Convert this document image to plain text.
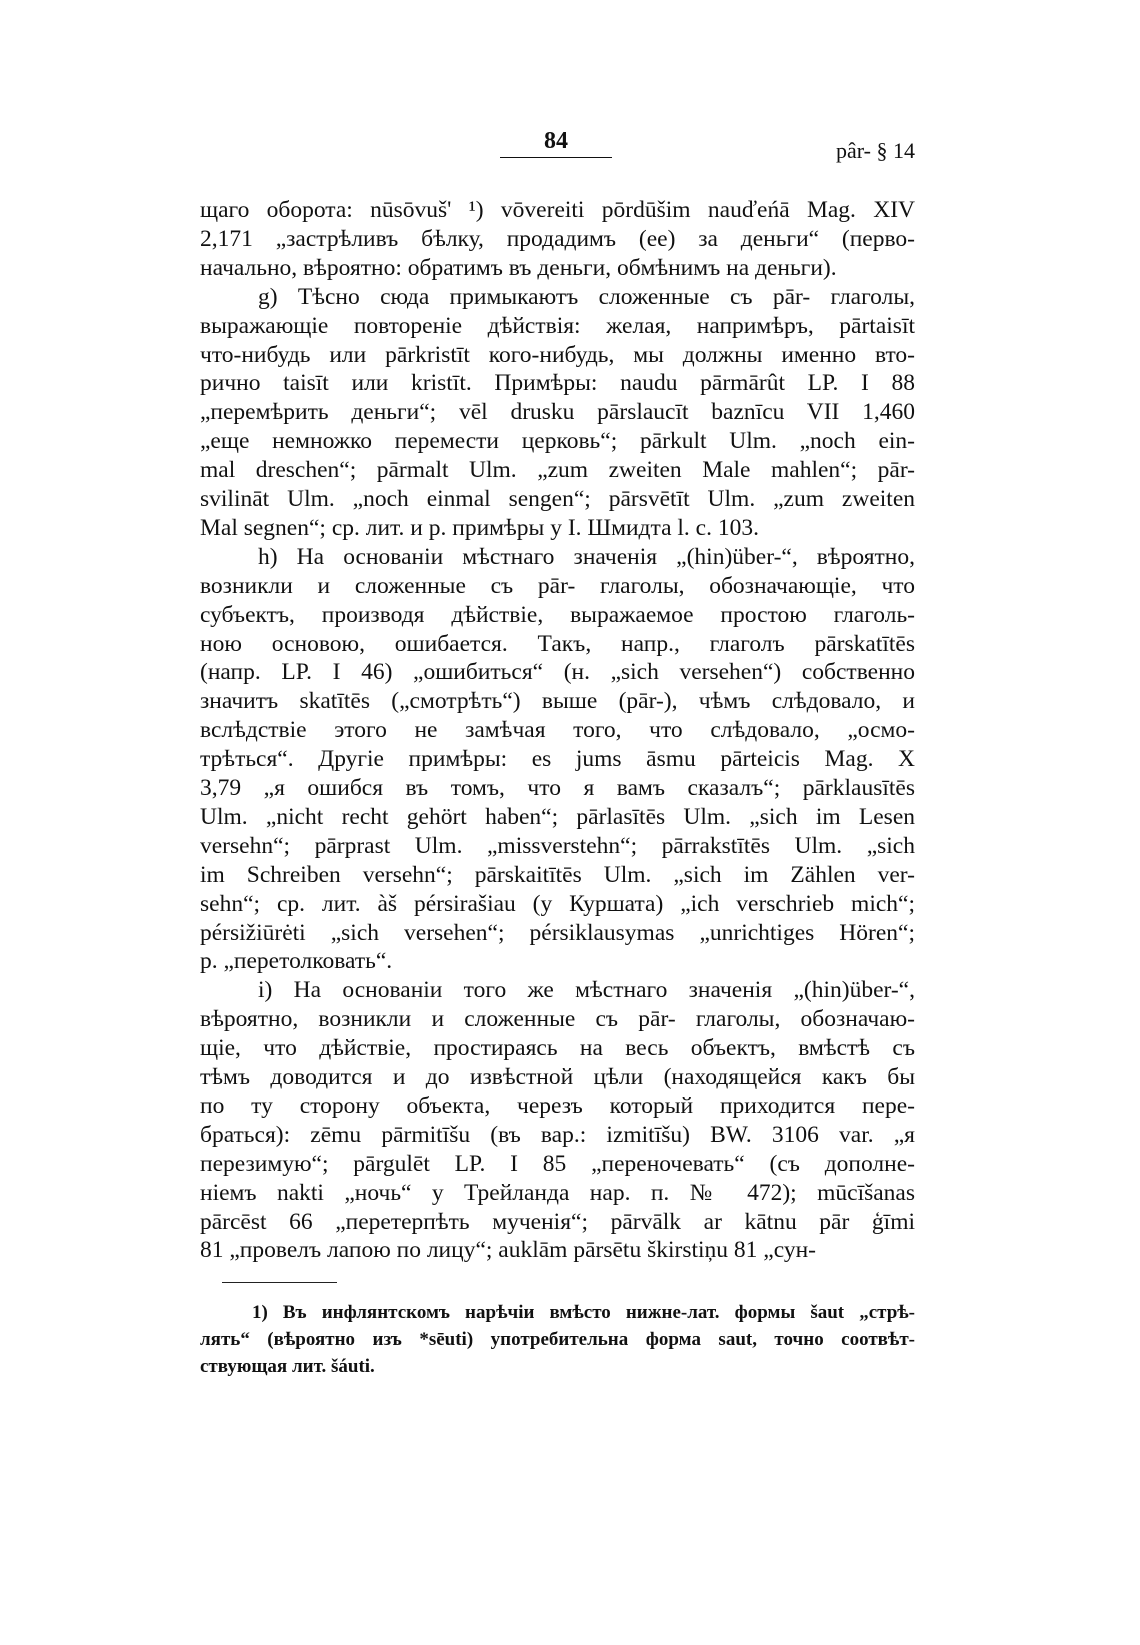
84	pâr- § 14
щаго оборота: nūsōvuš' ¹) vōvereiti pōrdūšim nauďeńā Mag. XIV
2,171 „застрѣливъ бѣлку, продадимъ (ее) за деньги“ (перво-
начально, вѣроятно: обратимъ въ деньги, обмѣнимъ на деньги).
g) Тѣсно сюда примыкаютъ сложенные съ pār- глаголы,
выражающіе повтореніе дѣйствія: желая, напримѣръ, pārtaisīt
что-нибудь или pārkristīt кого-нибудь, мы должны именно вто-
рично taisīt или kristīt. Примѣры: naudu pārmārût LP. I 88
„перемѣрить деньги“; vēl drusku pārslaucīt baznīcu VII 1,460
„еще немножко перемести церковь“; pārkult Ulm. „noch ein-
mal dreschen“; pārmalt Ulm. „zum zweiten Male mahlen“; pār-
svilināt Ulm. „noch einmal sengen“; pārsvētīt Ulm. „zum zweiten
Mal segnen“; ср. лит. и р. примѣры у I. Шмидта l. c. 103.
h) На основаніи мѣстнаго значенія „(hin)über-“, вѣроятно,
возникли и сложенные съ pār- глаголы, обозначающіе, что
субъектъ, производя дѣйствіе, выражаемое простою глаголь-
ною основою, ошибается. Такъ, напр., глаголъ pārskatītēs
(напр. LP. I 46) „ошибиться“ (н. „sich versehen“) собственно
значитъ skatītēs („смотрѣть“) выше (pār-), чѣмъ слѣдовало, и
вслѣдствіе этого не замѣчая того, что слѣдовало, „осмо-
трѣться“. Другіе примѣры: es jums āsmu pārteicis Mag. X
3,79 „я ошибся въ томъ, что я вамъ сказалъ“; pārklausītēs
Ulm. „nicht recht gehört haben“; pārlasītēs Ulm. „sich im Lesen
versehn“; pārprast Ulm. „missverstehn“; pārrakstītēs Ulm. „sich
im Schreiben versehn“; pārskaitītēs Ulm. „sich im Zählen ver-
sehn“; ср. лит. àš pérsirašiau (у Куршата) „ich verschrieb mich“;
pérsižiūrėti „sich versehen“; pérsiklausymas „unrichtiges Hören“;
р. „перетолковать“.
i) На основаніи того же мѣстнаго значенія „(hin)über-“,
вѣроятно, возникли и сложенные съ pār- глаголы, обозначаю-
щіе, что дѣйствіе, простираясь на весь объектъ, вмѣстѣ съ
тѣмъ доводится и до извѣстной цѣли (находящейся какъ бы
по ту сторону объекта, черезъ который приходится пере-
браться): zēmu pārmitīšu (въ вар.: izmitīšu) BW. 3106 var. „я
перезимую“; pārgulēt LP. I 85 „переночевать“ (съ дополне-
ніемъ nakti „ночь“ у Трейланда нар. п. № 472); mūcīšanas
pārcēst 66 „перетерпѣть мученія“; pārvālk ar kātnu pār ģīmi
81 „провелъ лапою по лицу“; auklām pārsētu škirstiņu 81 „сун-
1) Въ инфлянтскомъ нарѣчіи вмѣсто нижне-лат. формы šaut „стрѣ-
лять“ (вѣроятно изъ *sēuti) употребительна форма saut, точно соотвѣт-
ствующая лит. šáuti.
